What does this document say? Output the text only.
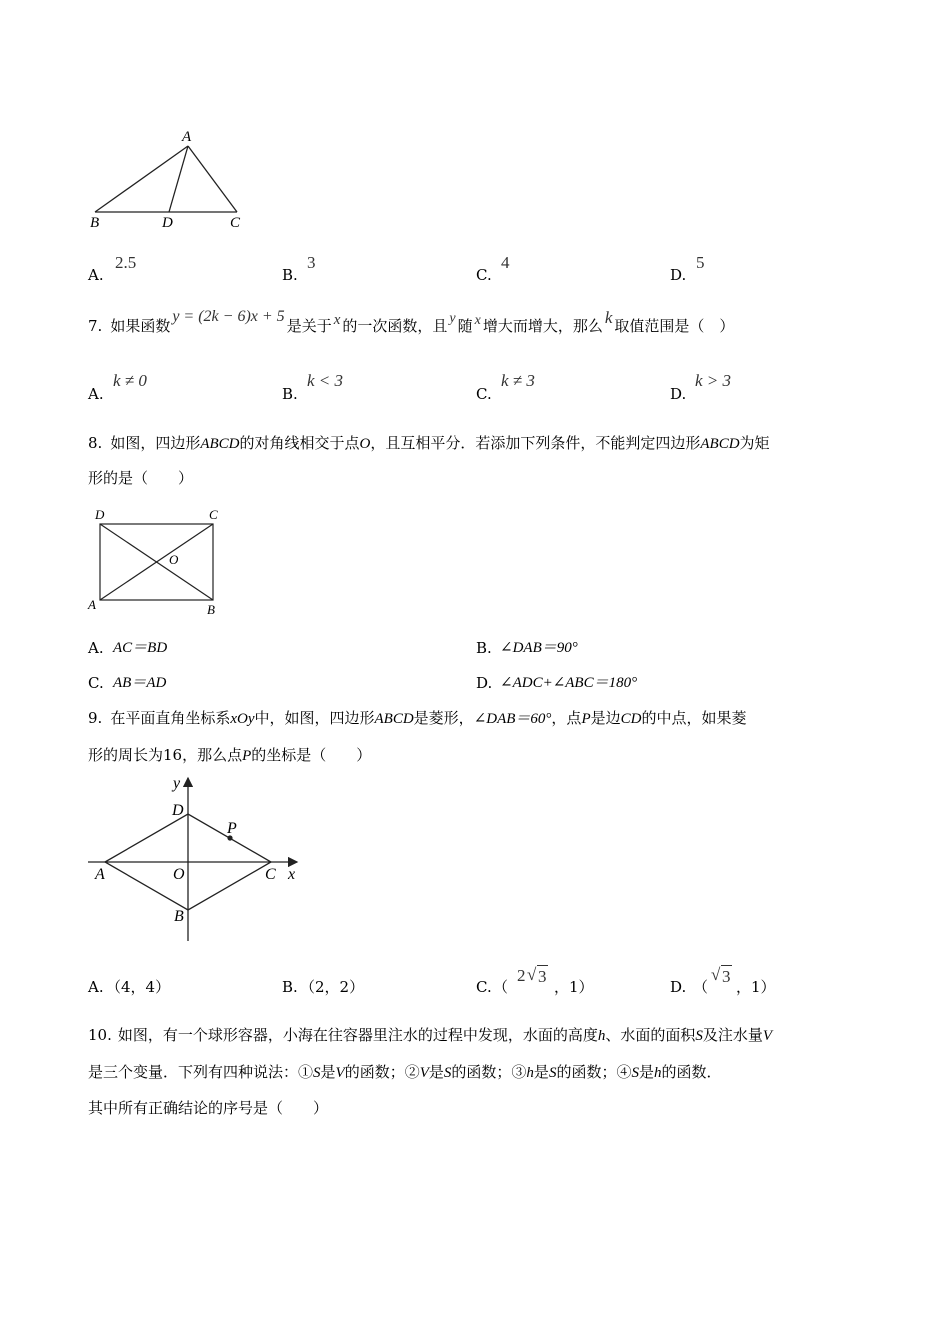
A
B	D	C
A.
2.5
B.
3
C.
4
D.
5
7. 如果函数
y = (2k − 6)x + 5
是关于 x 的一次函数，且 y 随 x 增大而增大，那么 k 取值范围是（　）
A.
k ≠ 0
B.
k < 3
C.
k ≠ 3
D.
k > 3
8. 如图，四边形ABCD的对角线相交于点O，且互相平分．若添加下列条件，不能判定四边形ABCD为矩
形的是（　　）
D	C
O
A	B
A. AC＝BD	B. ∠DAB＝90°
C. AB＝AD	D. ∠ADC+∠ABC＝180°
9. 在平面直角坐标系xOy中，如图，四边形ABCD是菱形，∠DAB＝60°，点P是边CD的中点，如果菱
形的周长为16，那么点P的坐标是（　　）
y
D
P
A	O	C x
B
A. （4，4）	B. （2，2）	C. （
2 √ 3
，1）	D. （
√ 3
，1）
10. 如图，有一个球形容器，小海在往容器里注水的过程中发现，水面的高度h、水面的面积S及注水量V
是三个变量．下列有四种说法：①S是V的函数；②V是S的函数；③h是S的函数；④S是h的函数．
其中所有正确结论的序号是（　　）
